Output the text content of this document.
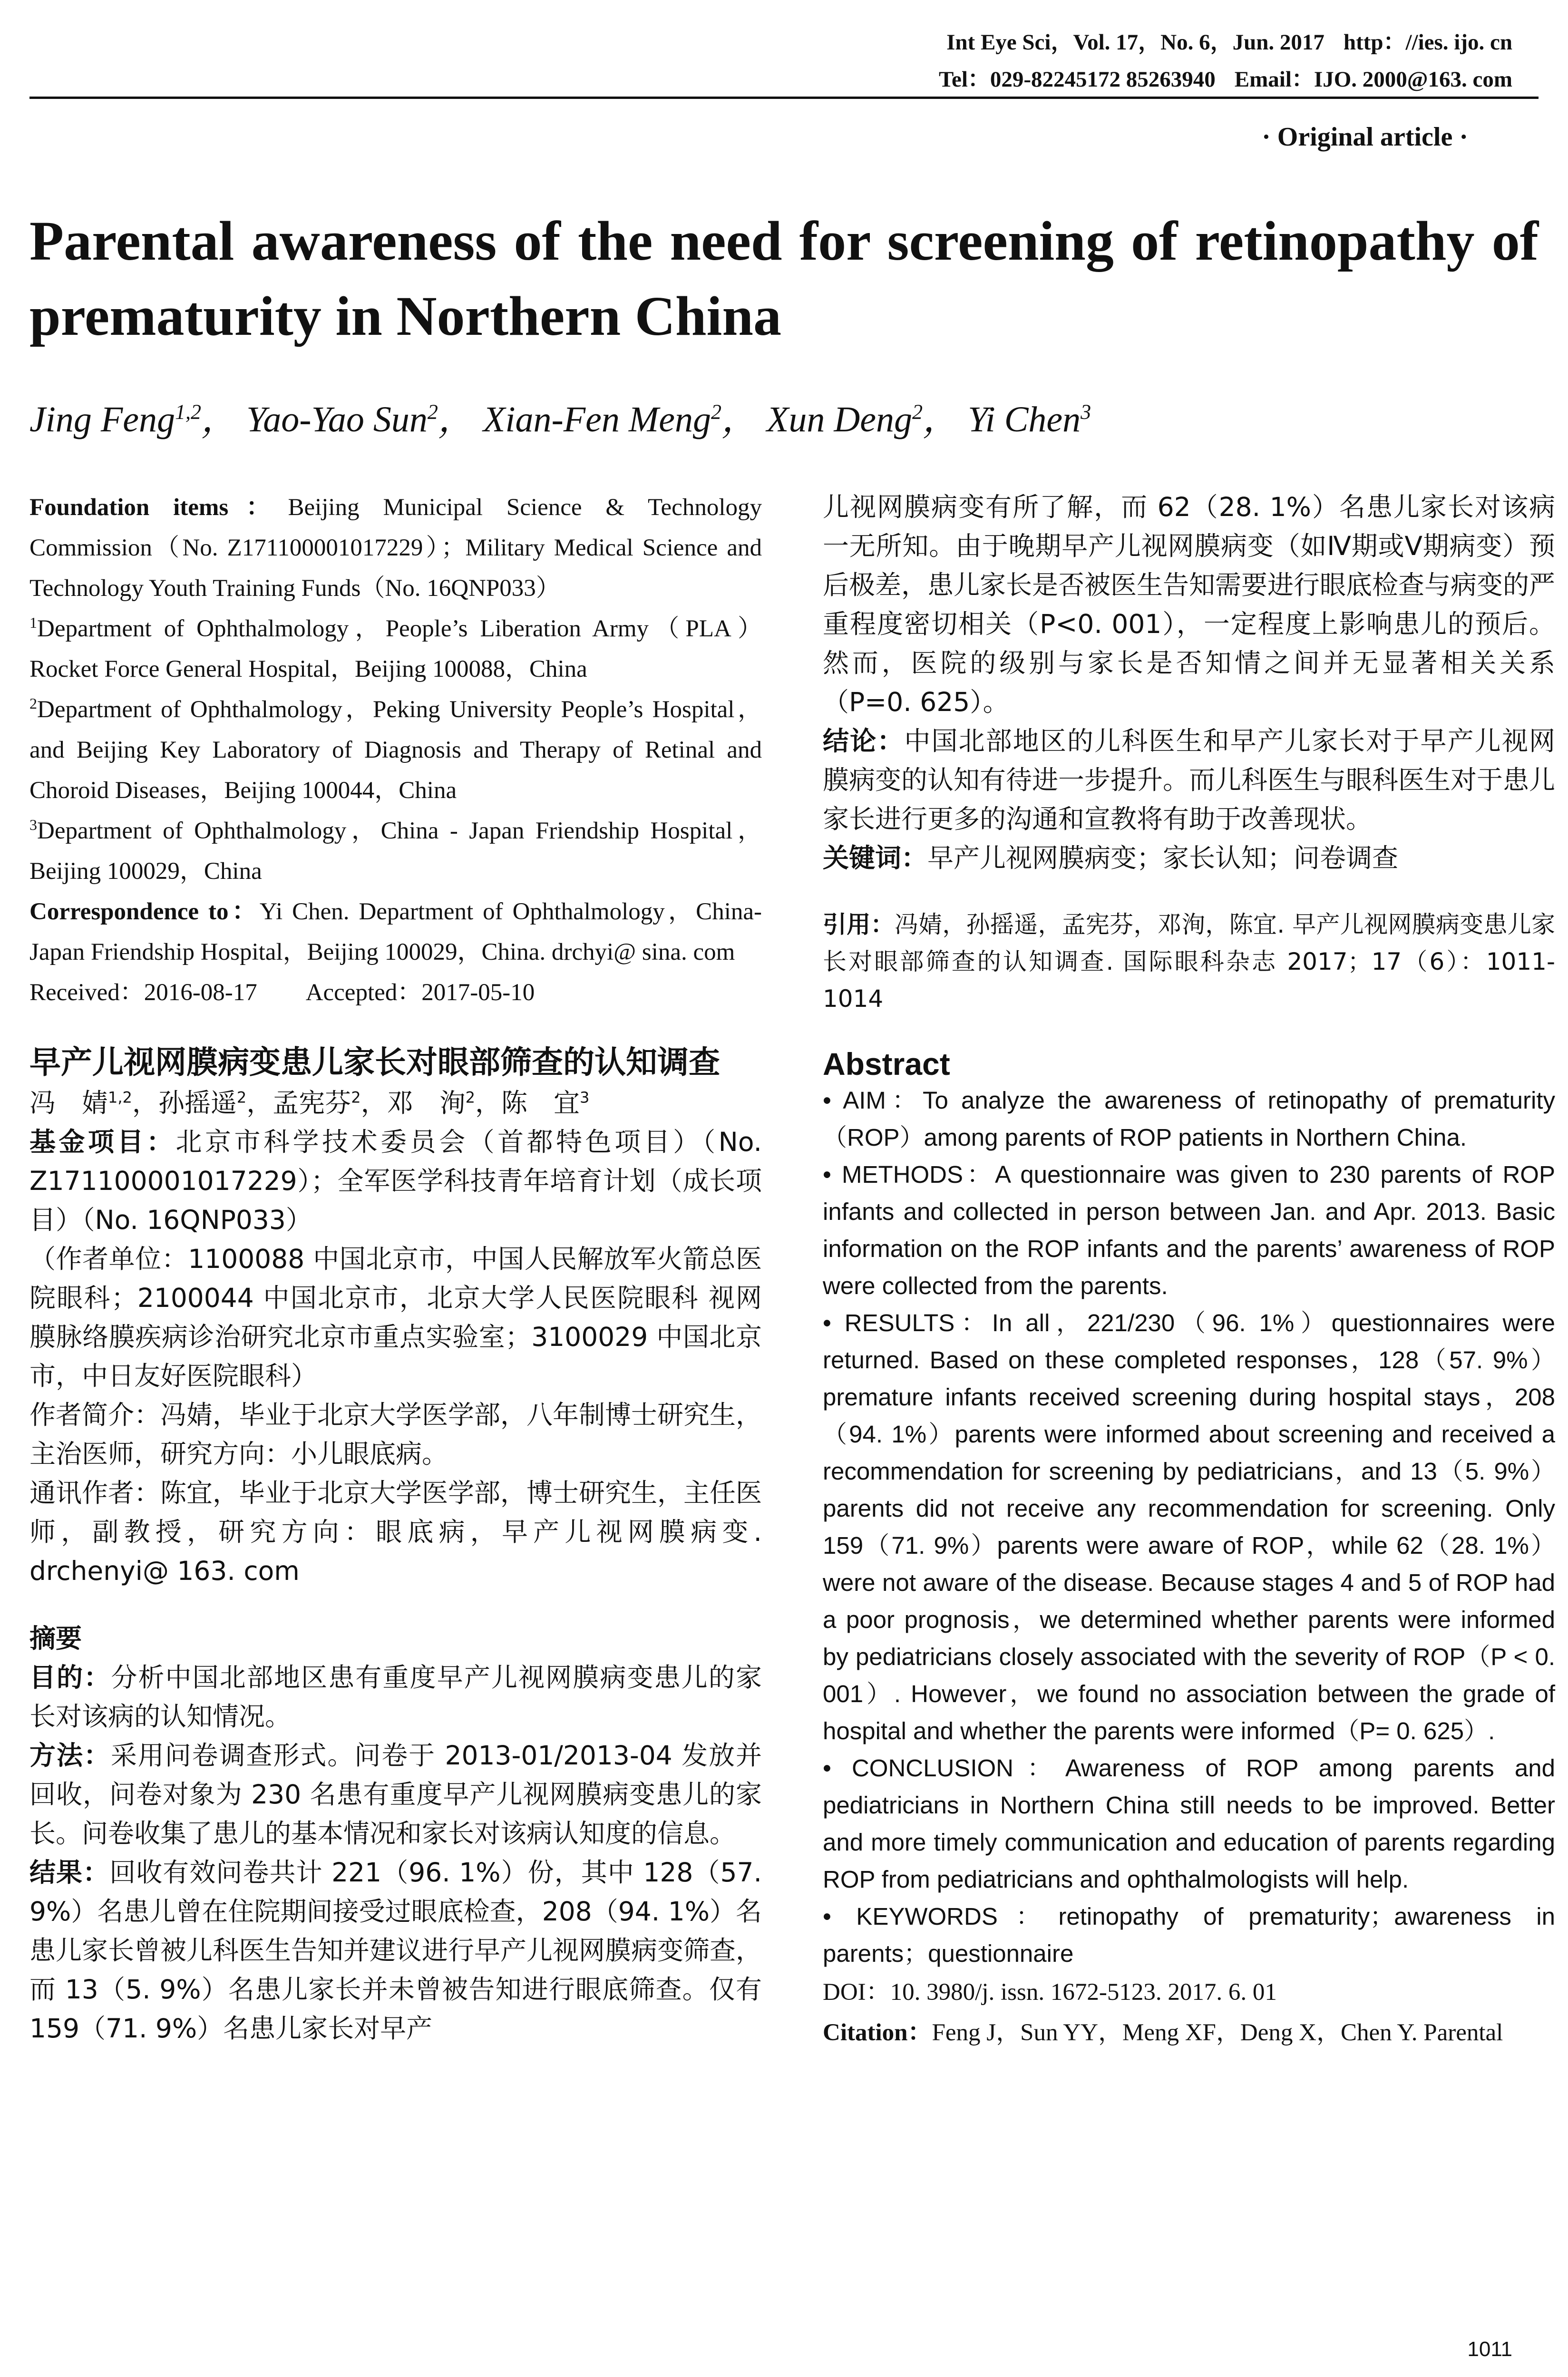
Int Eye Sci，Vol. 17，No. 6，Jun. 2017 http：//ies. ijo. cn
Tel：029-82245172 85263940 Email：IJO. 2000@163. com
· Original article ·
Parental awareness of the need for screening of retinopathy of prematurity in Northern China
Jing Feng$^{1,2}$， Yao-Yao Sun$^2$， Xian-Fen Meng$^2$， Xun Deng$^2$， Yi Chen$^3$

Foundation items：Beijing Municipal Science & Technology Commission（No. Z171100001017229）；Military Medical Science and Technology Youth Training Funds（No. 16QNP033）

$^1$Department of Ophthalmology，People’s Liberation Army（PLA）Rocket Force General Hospital，Beijing 100088，China

$^2$Department of Ophthalmology，Peking University People’s Hospital，and Beijing Key Laboratory of Diagnosis and Therapy of Retinal and Choroid Diseases，Beijing 100044，China

$^3$Department of Ophthalmology，China - Japan Friendship Hospital，Beijing 100029，China

Correspondence to：Yi Chen. Department of Ophthalmology，China-Japan Friendship Hospital，Beijing 100029，China. drchyi@ sina. com

Received：2016-08-17 Accepted：2017-05-10

早产儿视网膜病变患儿家长对眼部筛查的认知调查

冯　婧$^{1,2}$，孙摇遥$^2$，孟宪芬$^2$，邓　洵$^2$，陈　宜$^3$

基金项目：北京市科学技术委员会（首都特色项目）（No. Z171100001017229）；全军医学科技青年培育计划（成长项目）（No. 16QNP033）

（作者单位：1100088 中国北京市，中国人民解放军火箭总医院眼科；2100044 中国北京市，北京大学人民医院眼科 视网膜脉络膜疾病诊治研究北京市重点实验室；3100029 中国北京市，中日友好医院眼科）

作者简介：冯婧，毕业于北京大学医学部，八年制博士研究生，主治医师，研究方向：小儿眼底病。

通讯作者：陈宜，毕业于北京大学医学部，博士研究生，主任医师，副教授，研究方向：眼底病，早产儿视网膜病变. drchenyi@ 163. com

摘要

目的：分析中国北部地区患有重度早产儿视网膜病变患儿的家长对该病的认知情况。

方法：采用问卷调查形式。问卷于 2013-01/2013-04 发放并回收，问卷对象为 230 名患有重度早产儿视网膜病变患儿的家长。问卷收集了患儿的基本情况和家长对该病认知度的信息。

结果：回收有效问卷共计 221（96. 1%）份，其中 128（57. 9%）名患儿曾在住院期间接受过眼底检查，208（94. 1%）名患儿家长曾被儿科医生告知并建议进行早产儿视网膜病变筛查，而 13（5. 9%）名患儿家长并未曾被告知进行眼底筛查。仅有 159（71. 9%）名患儿家长对早产

儿视网膜病变有所了解，而 62（28. 1%）名患儿家长对该病一无所知。由于晚期早产儿视网膜病变（如Ⅳ期或Ⅴ期病变）预后极差，患儿家长是否被医生告知需要进行眼底检查与病变的严重程度密切相关（P<0. 001），一定程度上影响患儿的预后。然而，医院的级别与家长是否知情之间并无显著相关关系（P=0. 625）。

结论：中国北部地区的儿科医生和早产儿家长对于早产儿视网膜病变的认知有待进一步提升。而儿科医生与眼科医生对于患儿家长进行更多的沟通和宣教将有助于改善现状。

关键词：早产儿视网膜病变；家长认知；问卷调查

引用：冯婧，孙摇遥，孟宪芬，邓洵，陈宜. 早产儿视网膜病变患儿家长对眼部筛查的认知调查. 国际眼科杂志 2017；17（6）：1011-1014

Abstract

• AIM：To analyze the awareness of retinopathy of prematurity（ROP）among parents of ROP patients in Northern China.

• METHODS：A questionnaire was given to 230 parents of ROP infants and collected in person between Jan. and Apr. 2013. Basic information on the ROP infants and the parents’ awareness of ROP were collected from the parents.

• RESULTS：In all，221/230（96. 1%）questionnaires were returned. Based on these completed responses，128（57. 9%）premature infants received screening during hospital stays，208（94. 1%）parents were informed about screening and received a recommendation for screening by pediatricians，and 13（5. 9%）parents did not receive any recommendation for screening. Only 159（71. 9%）parents were aware of ROP，while 62（28. 1%）were not aware of the disease. Because stages 4 and 5 of ROP had a poor prognosis，we determined whether parents were informed by pediatricians closely associated with the severity of ROP（P < 0. 001）. However，we found no association between the grade of hospital and whether the parents were informed（P= 0. 625）.

• CONCLUSION：Awareness of ROP among parents and pediatricians in Northern China still needs to be improved. Better and more timely communication and education of parents regarding ROP from pediatricians and ophthalmologists will help.

• KEYWORDS：retinopathy of prematurity；awareness in parents；questionnaire

DOI：10. 3980/j. issn. 1672-5123. 2017. 6. 01

Citation：Feng J，Sun YY，Meng XF，Deng X，Chen Y. Parental

1011
